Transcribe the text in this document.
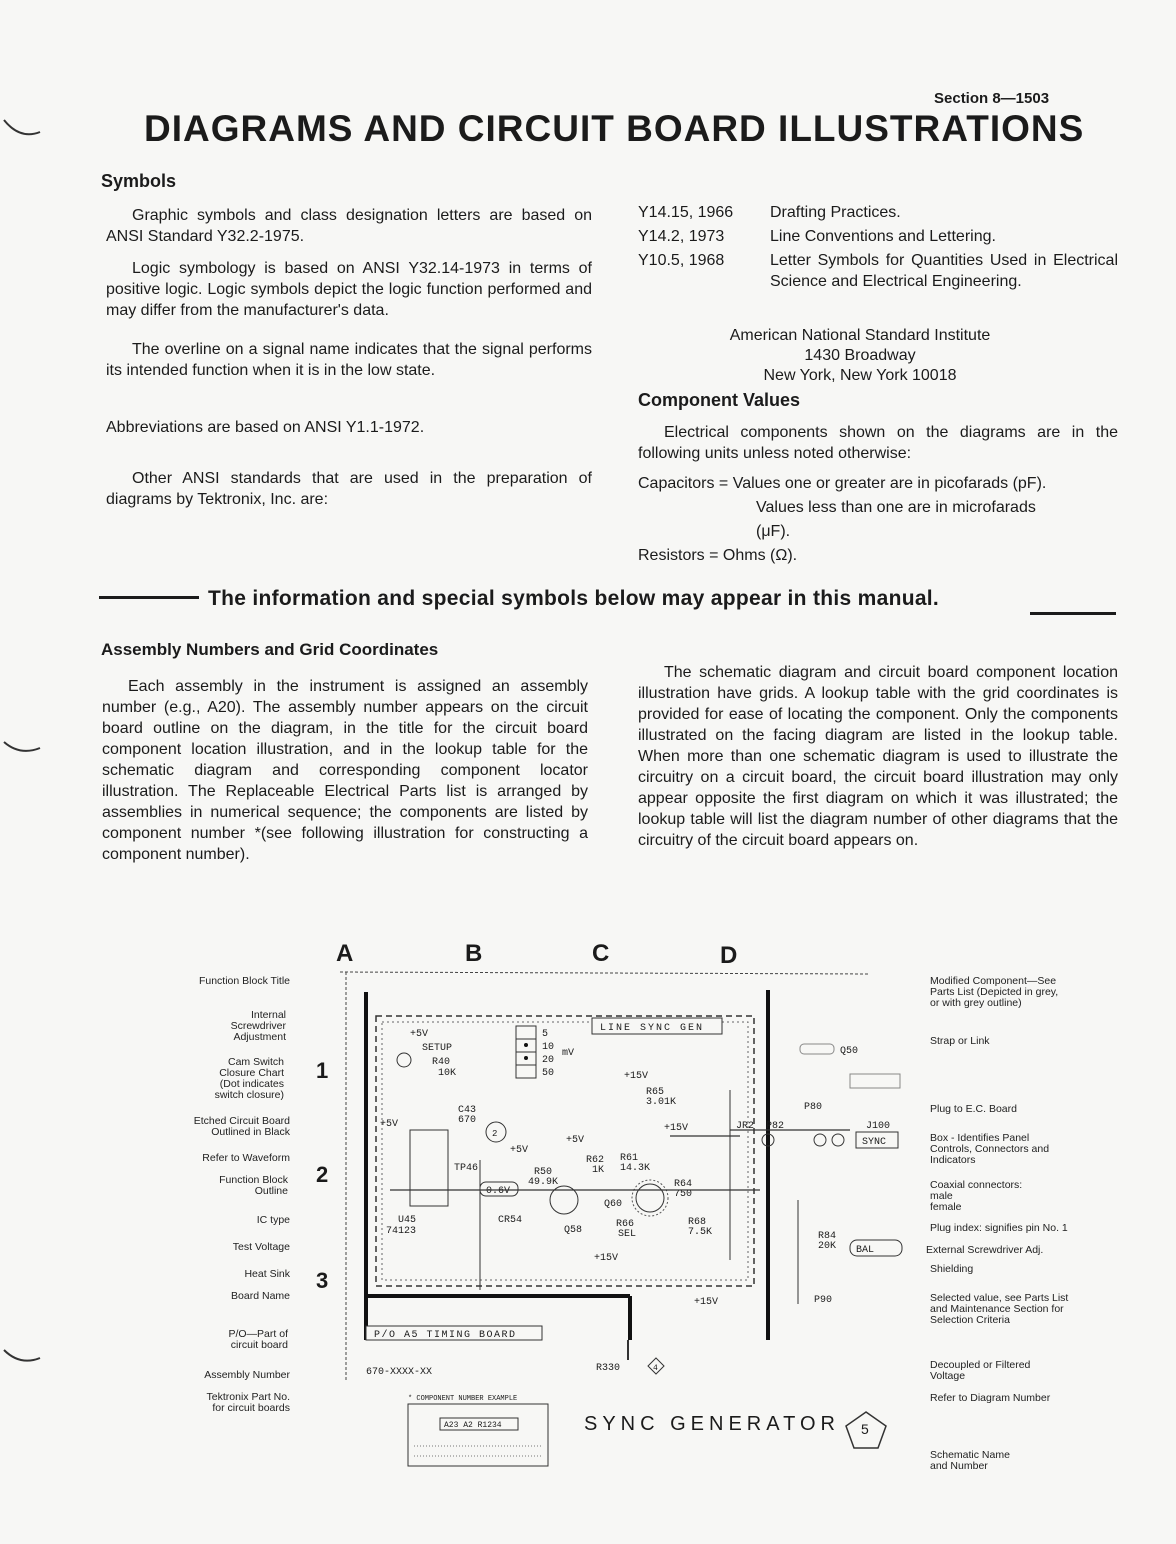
Section 8—1503
DIAGRAMS AND CIRCUIT BOARD ILLUSTRATIONS
Symbols

Graphic symbols and class designation letters are based on ANSI Standard Y32.2-1975.

Logic symbology is based on ANSI Y32.14-1973 in terms of positive logic. Logic symbols depict the logic function performed and may differ from the manufacturer's data.

The overline on a signal name indicates that the signal performs its intended function when it is in the low state.

Abbreviations are based on ANSI Y1.1-1972.

Other ANSI standards that are used in the preparation of diagrams by Tektronix, Inc. are:

Y14.15, 1966	Drafting Practices.
Y14.2, 1973	Line Conventions and Lettering.
Y10.5, 1968	Letter Symbols for Quantities Used in Electrical Science and Electrical Engineering.
American National Standard Institute
1430 Broadway
New York, New York 10018
Component Values
Electrical components shown on the diagrams are in the following units unless noted otherwise:
Capacitors = Values one or greater are in picofarads (pF).
Values less than one are in microfarads
(μF).
Resistors = Ohms (Ω).
The information and special symbols below may appear in this manual.
Assembly Numbers and Grid Coordinates
Each assembly in the instrument is assigned an assembly number (e.g., A20). The assembly number appears on the circuit board outline on the diagram, in the title for the circuit board component location illustration, and in the lookup table for the schematic diagram and corresponding component locator illustration. The Replaceable Electrical Parts list is arranged by assemblies in numerical sequence; the components are listed by component number *(see following illustration for constructing a component number).
The schematic diagram and circuit board component location illustration have grids. A lookup table with the grid coordinates is provided for ease of locating the component. Only the components illustrated on the facing diagram are listed in the lookup table. When more than one schematic diagram is used to illustrate the circuitry on a circuit board, the circuit board illustration may only appear opposite the first diagram on which it was illustrated; the lookup table will list the diagram number of other diagrams that the circuitry of the circuit board appears on.
A	B	C	D
1
2
3
Function Block Title
Internal
Screwdriver
Adjustment
Cam Switch
Closure Chart
(Dot indicates
switch closure)
Etched Circuit Board
Outlined in Black
Refer to Waveform
Function Block
Outline
IC type
Test Voltage
Heat Sink
Board Name
P/O—Part of
circuit board
Assembly Number
Tektronix Part No.
for circuit boards
Modified Component—See
Parts List (Depicted in grey,
or with grey outline)
Strap or Link
Plug to E.C. Board
Box - Identifies Panel
Controls, Connectors and
Indicators
Coaxial connectors:
male
female
Plug index: signifies pin No. 1
External Screwdriver Adj.
Shielding
Selected value, see Parts List
and Maintenance Section for
Selection Criteria
Decoupled or Filtered
Voltage
Refer to Diagram Number
Schematic Name
and Number
LINE SYNC GEN
SETUP
+5V
R40
10K
5
10
20
50
mV
+5V
C43
670
U45
74123
TP46
2
0.6V
+5V
R50
49.9K
+5V
R62
1K
Q58
CR54
Q60
R66
SEL
R61
14.3K
+15V
R65
3.01K
R64
750
R68
7.5K
+15V
+15V
+15V
JR2 P82
P80
J100
SYNC
Q50
R84
20K BAL
P90
P/O A5 TIMING BOARD
670-XXXX-XX	R330	4
* COMPONENT NUMBER EXAMPLE
A23 A2 R1234	SYNC GENERATOR 5
